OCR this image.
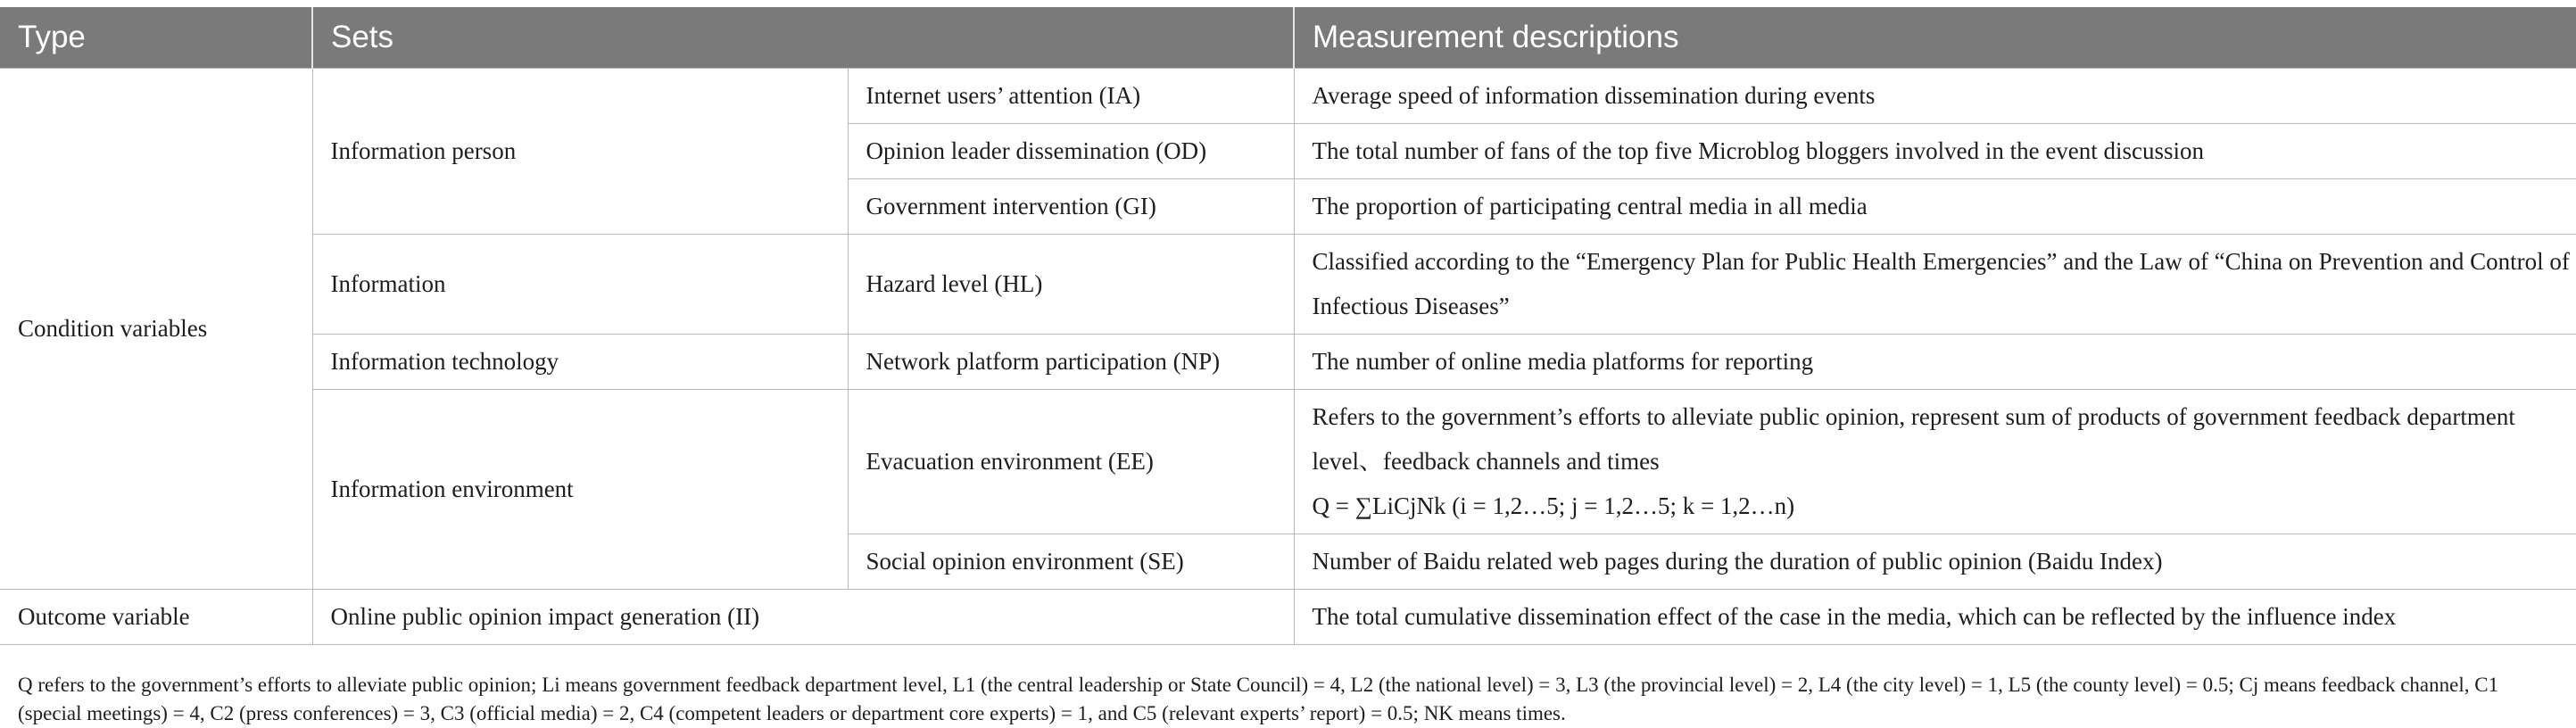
Type	Sets		Measurement descriptions
Condition variables	Information person	Internet users’ attention (IA)	Average speed of information dissemination during events
		Opinion leader dissemination (OD)	The total number of fans of the top five Microblog bloggers involved in the event discussion
		Government intervention (GI)	The proportion of participating central media in all media
	Information	Hazard level (HL)	Classified according to the “Emergency Plan for Public Health Emergencies” and the Law of “China on Prevention and Control of Infectious Diseases”
	Information technology	Network platform participation (NP)	The number of online media platforms for reporting
	Information environment	Evacuation environment (EE)	Refers to the government’s efforts to alleviate public opinion, represent sum of products of government feedback department level、feedback channels and times
Q = ∑LiCjNk (i = 1,2…5; j = 1,2…5; k = 1,2…n)

		Social opinion environment (SE)	Number of Baidu related web pages during the duration of public opinion (Baidu Index)
Outcome variable	Online public opinion impact generation (II)		The total cumulative dissemination effect of the case in the media, which can be reflected by the influence index

Q refers to the government’s efforts to alleviate public opinion; Li means government feedback department level, L1 (the central leadership or State Council) = 4, L2 (the national level) = 3, L3 (the provincial level) = 2, L4 (the city level) = 1, L5 (the county level) = 0.5; Cj means feedback channel, C1 (special meetings) = 4, C2 (press conferences) = 3, C3 (official media) = 2, C4 (competent leaders or department core experts) = 1, and C5 (relevant experts’ report) = 0.5; NK means times.
